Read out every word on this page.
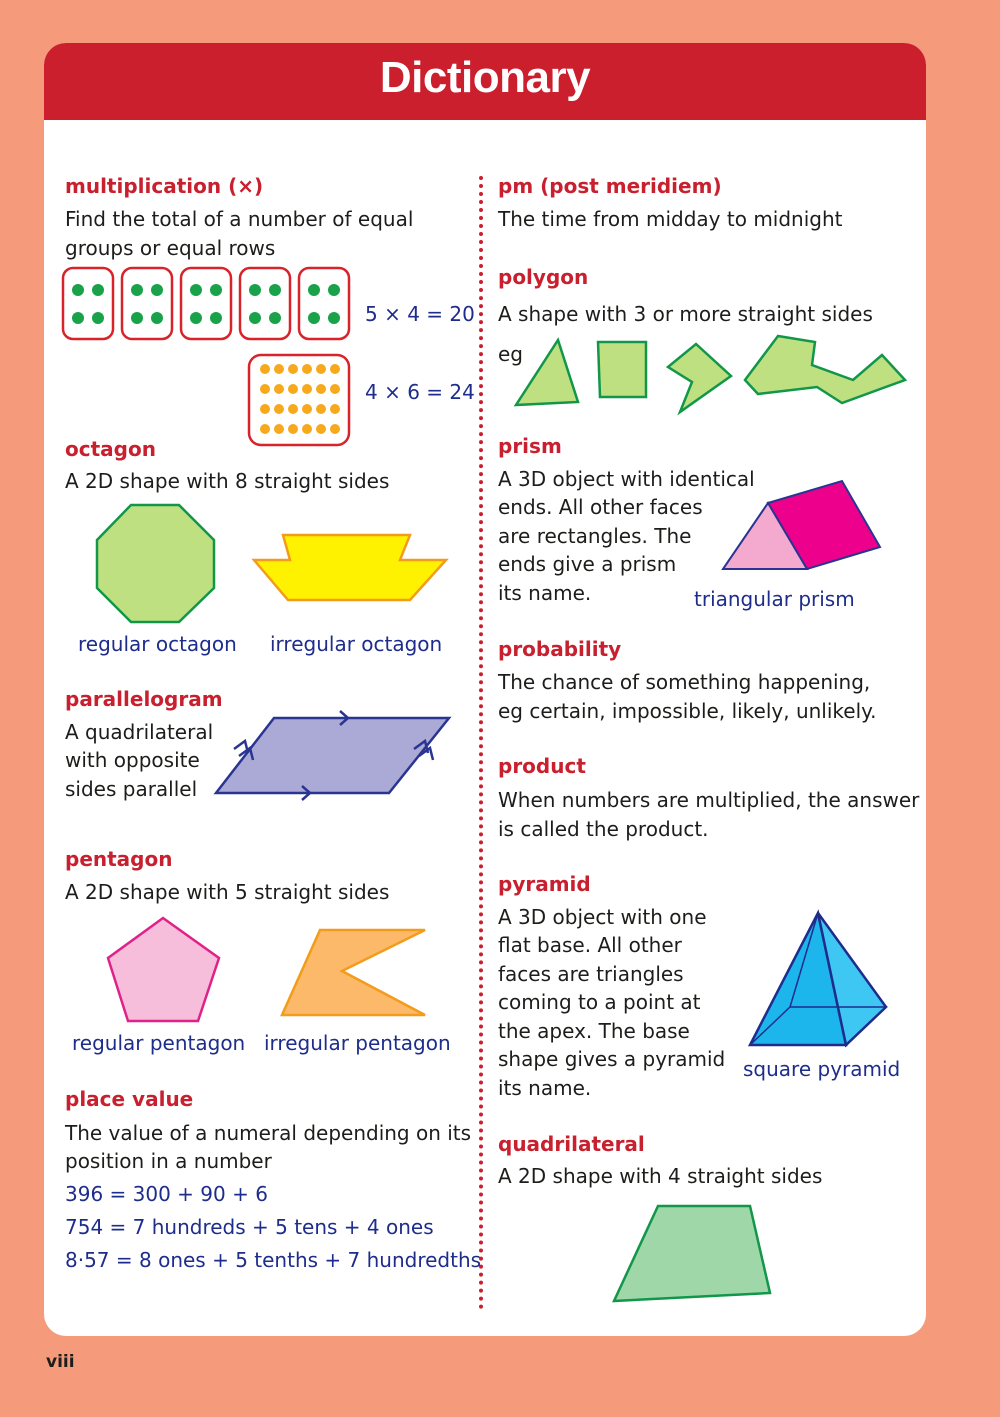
Dictionary
multiplication (×)
Find the total of a number of equal
groups or equal rows
5 × 4 = 20
4 × 6 = 24
octagon
A 2D shape with 8 straight sides
regular octagon irregular octagon
parallelogram
A quadrilateral
with opposite
sides parallel
pentagon
A 2D shape with 5 straight sides
regular pentagon irregular pentagon
place value
The value of a numeral depending on its
position in a number
396 = 300 + 90 + 6
754 = 7 hundreds + 5 tens + 4 ones
8·57 = 8 ones + 5 tenths + 7 hundredths
pm (post meridiem)
The time from midday to midnight
polygon
A shape with 3 or more straight sides
eg
prism
A 3D object with identical
ends. All other faces
are rectangles. The
ends give a prism
its name.	triangular prism
probability
The chance of something happening,
eg certain, impossible, likely, unlikely.
product
When numbers are multiplied, the answer
is called the product.
pyramid
A 3D object with one
flat base. All other
faces are triangles
coming to a point at
the apex. The base
shape gives a pyramid
its name.
square pyramid
quadrilateral
A 2D shape with 4 straight sides
viii
